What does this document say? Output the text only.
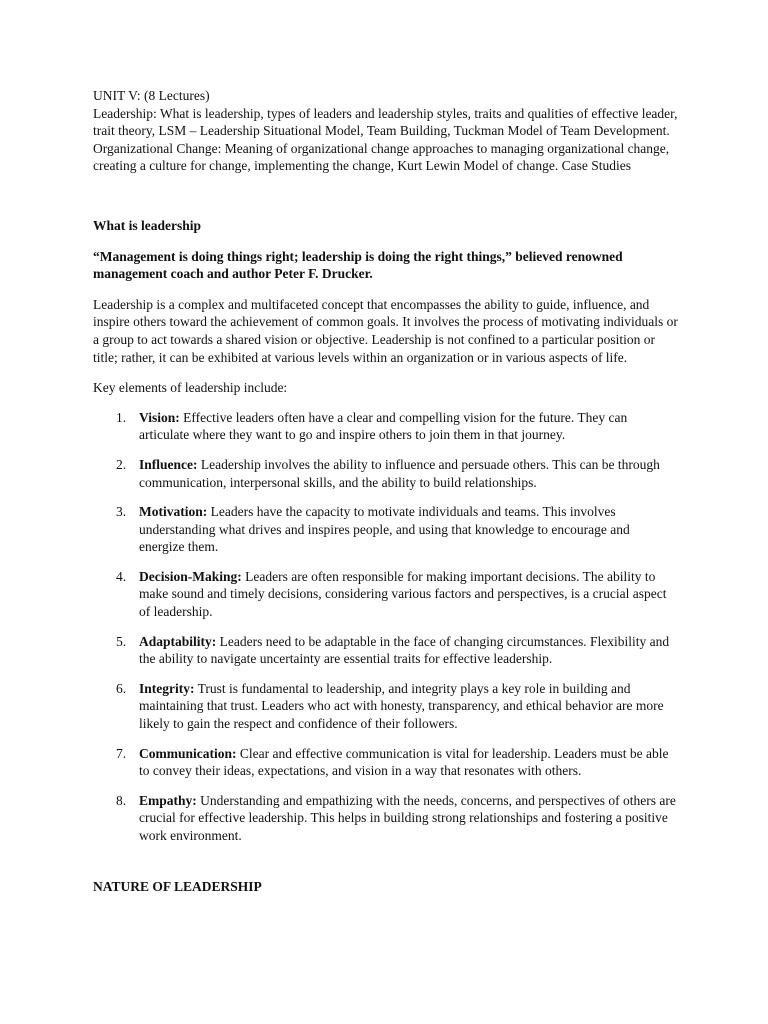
UNIT V: (8 Lectures)

Leadership: What is leadership, types of leaders and leadership styles, traits and qualities of effective leader, trait theory, LSM – Leadership Situational Model, Team Building, Tuckman Model of Team Development. Organizational Change: Meaning of organizational change approaches to managing organizational change, creating a culture for change, implementing the change, Kurt Lewin Model of change. Case Studies

What is leadership

“Management is doing things right; leadership is doing the right things,” believed renowned management coach and author Peter F. Drucker.

Leadership is a complex and multifaceted concept that encompasses the ability to guide, influence, and inspire others toward the achievement of common goals. It involves the process of motivating individuals or a group to act towards a shared vision or objective. Leadership is not confined to a particular position or title; rather, it can be exhibited at various levels within an organization or in various aspects of life.

Key elements of leadership include:

1. Vision: Effective leaders often have a clear and compelling vision for the future. They can articulate where they want to go and inspire others to join them in that journey.
2. Influence: Leadership involves the ability to influence and persuade others. This can be through communication, interpersonal skills, and the ability to build relationships.
3. Motivation: Leaders have the capacity to motivate individuals and teams. This involves understanding what drives and inspires people, and using that knowledge to encourage and energize them.
4. Decision-Making: Leaders are often responsible for making important decisions. The ability to make sound and timely decisions, considering various factors and perspectives, is a crucial aspect of leadership.
5. Adaptability: Leaders need to be adaptable in the face of changing circumstances. Flexibility and the ability to navigate uncertainty are essential traits for effective leadership.
6. Integrity: Trust is fundamental to leadership, and integrity plays a key role in building and maintaining that trust. Leaders who act with honesty, transparency, and ethical behavior are more likely to gain the respect and confidence of their followers.
7. Communication: Clear and effective communication is vital for leadership. Leaders must be able to convey their ideas, expectations, and vision in a way that resonates with others.
8. Empathy: Understanding and empathizing with the needs, concerns, and perspectives of others are crucial for effective leadership. This helps in building strong relationships and fostering a positive work environment.

NATURE OF LEADERSHIP
